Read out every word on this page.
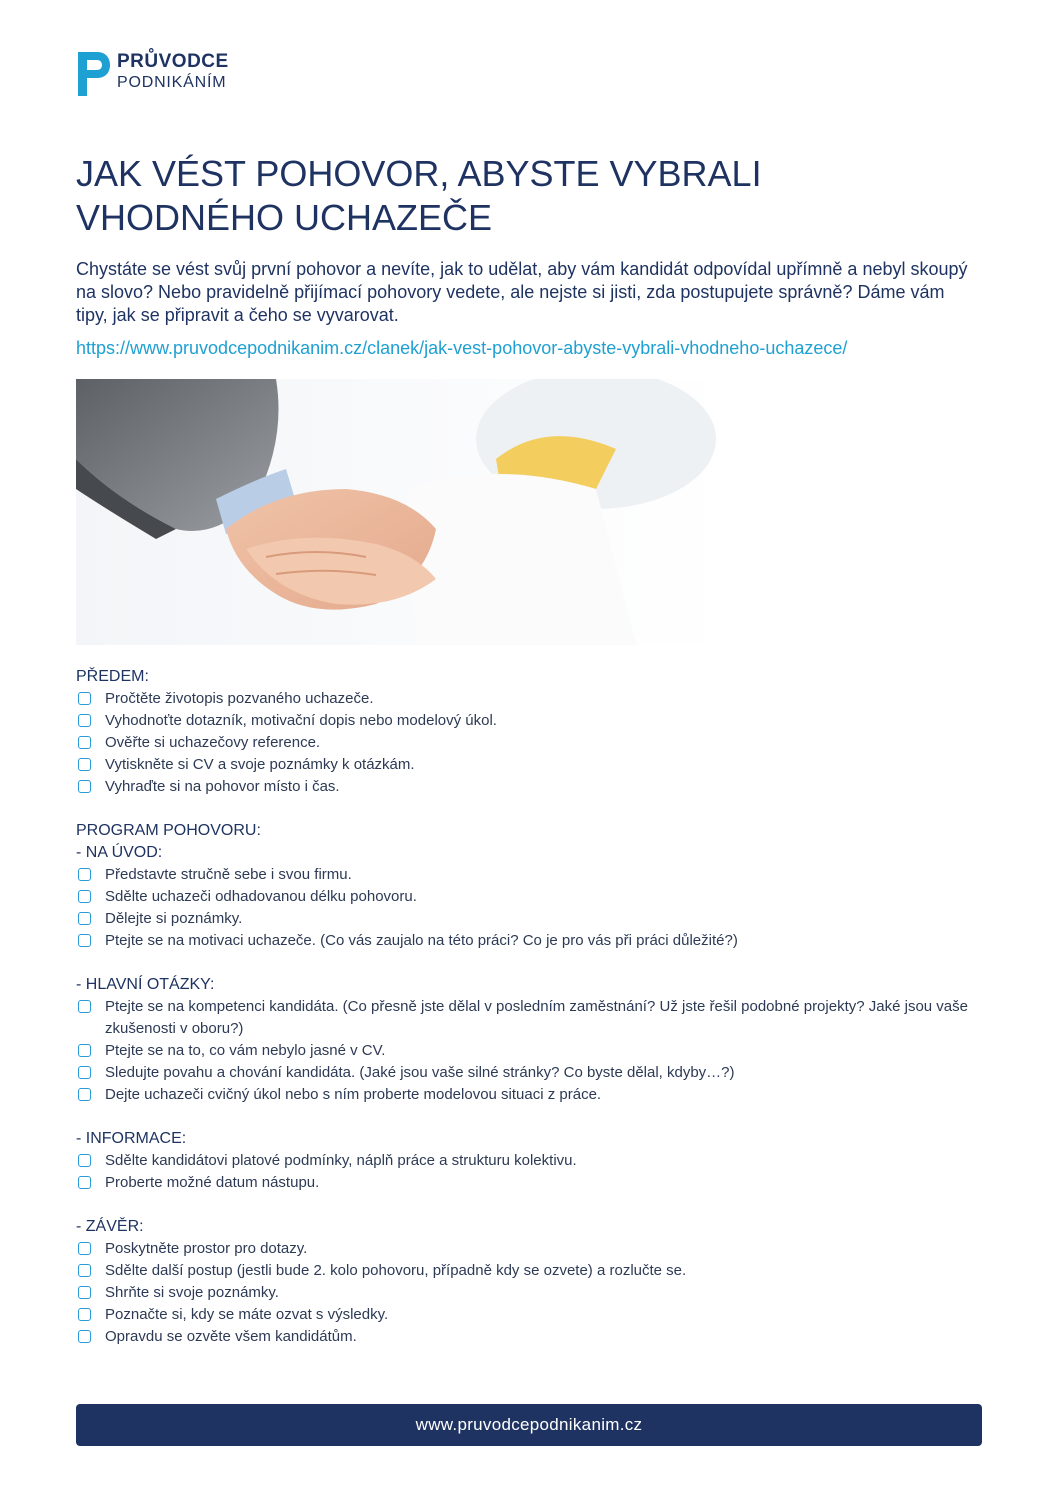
PRŮVODCE
PODNIKÁNÍM
JAK VÉST POHOVOR, ABYSTE VYBRALI VHODNÉHO UCHAZEČE

Chystáte se vést svůj první pohovor a nevíte, jak to udělat, aby vám kandidát odpovídal upřímně a nebyl skoupý na slovo? Nebo pravidelně přijímací pohovory vedete, ale nejste si jisti, zda postupujete správně? Dáme vám tipy, jak se připravit a čeho se vyvarovat.

https://www.pruvodcepodnikanim.cz/clanek/jak-vest-pohovor-abyste-vybrali-vhodneho-uchazece/
PŘEDEM:
Pročtěte životopis pozvaného uchazeče.
Vyhodnoťte dotazník, motivační dopis nebo modelový úkol.
Ověřte si uchazečovy reference.
Vytiskněte si CV a svoje poznámky k otázkám.
Vyhraďte si na pohovor místo i čas.
PROGRAM POHOVORU:
- NA ÚVOD:
Představte stručně sebe i svou firmu.
Sdělte uchazeči odhadovanou délku pohovoru.
Dělejte si poznámky.
Ptejte se na motivaci uchazeče. (Co vás zaujalo na této práci? Co je pro vás při práci důležité?)
- HLAVNÍ OTÁZKY:
Ptejte se na kompetenci kandidáta. (Co přesně jste dělal v posledním zaměstnání? Už jste řešil podobné projekty? Jaké jsou vaše zkušenosti v oboru?)
Ptejte se na to, co vám nebylo jasné v CV.
Sledujte povahu a chování kandidáta. (Jaké jsou vaše silné stránky? Co byste dělal, kdyby…?)
Dejte uchazeči cvičný úkol nebo s ním proberte modelovou situaci z práce.
- INFORMACE:
Sdělte kandidátovi platové podmínky, náplň práce a strukturu kolektivu.
Proberte možné datum nástupu.
- ZÁVĚR:
Poskytněte prostor pro dotazy.
Sdělte další postup (jestli bude 2. kolo pohovoru, případně kdy se ozvete) a rozlučte se.
Shrňte si svoje poznámky.
Poznačte si, kdy se máte ozvat s výsledky.
Opravdu se ozvěte všem kandidátům.
www.pruvodcepodnikanim.cz
